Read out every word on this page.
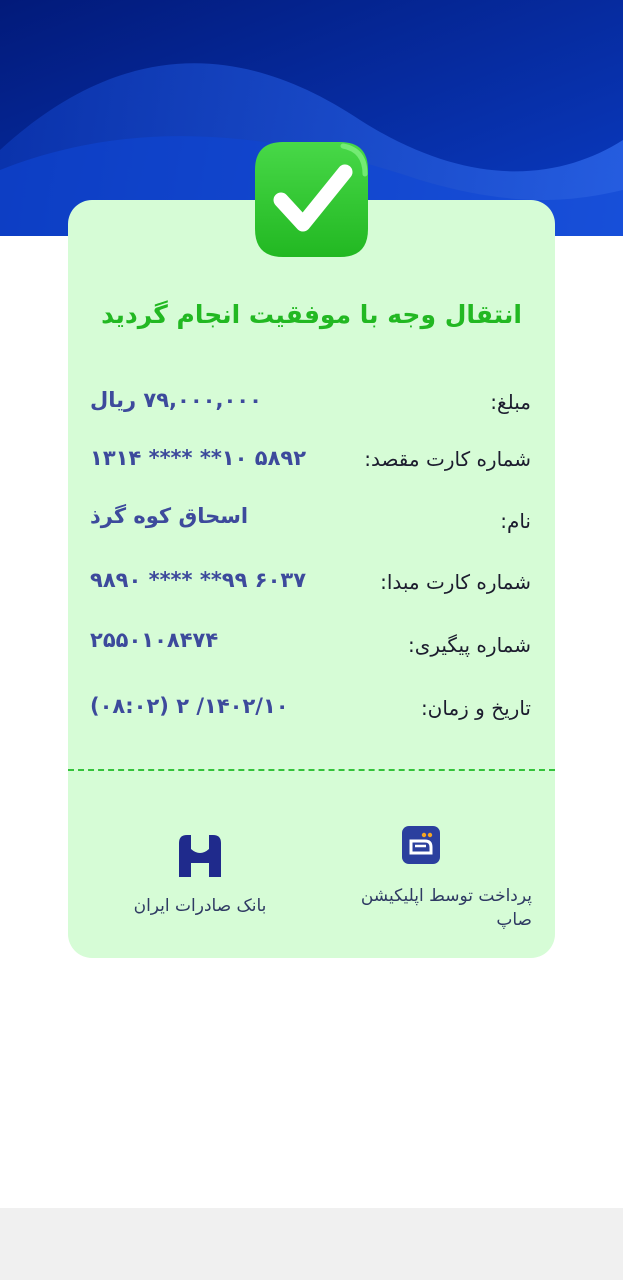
انتقال وجه با موفقیت انجام گردید
مبلغ:
۷۹,۰۰۰,۰۰۰ ریال
شماره کارت مقصد:
۵۸۹۲ ۱۰** **** ۱۳۱۴
نام:
اسحاق کوه گرذ
شماره کارت مبدا:
۶۰۳۷ ۹۹** **** ۹۸۹۰
شماره پیگیری:
۲۵۵۰۱۰۸۴۷۴
تاریخ و زمان:
۱۴۰۲/۱۰/ ۲ (۰۸:۰۲)
پرداخت توسط اپلیکیشن صاپ
بانک صادرات ایران
